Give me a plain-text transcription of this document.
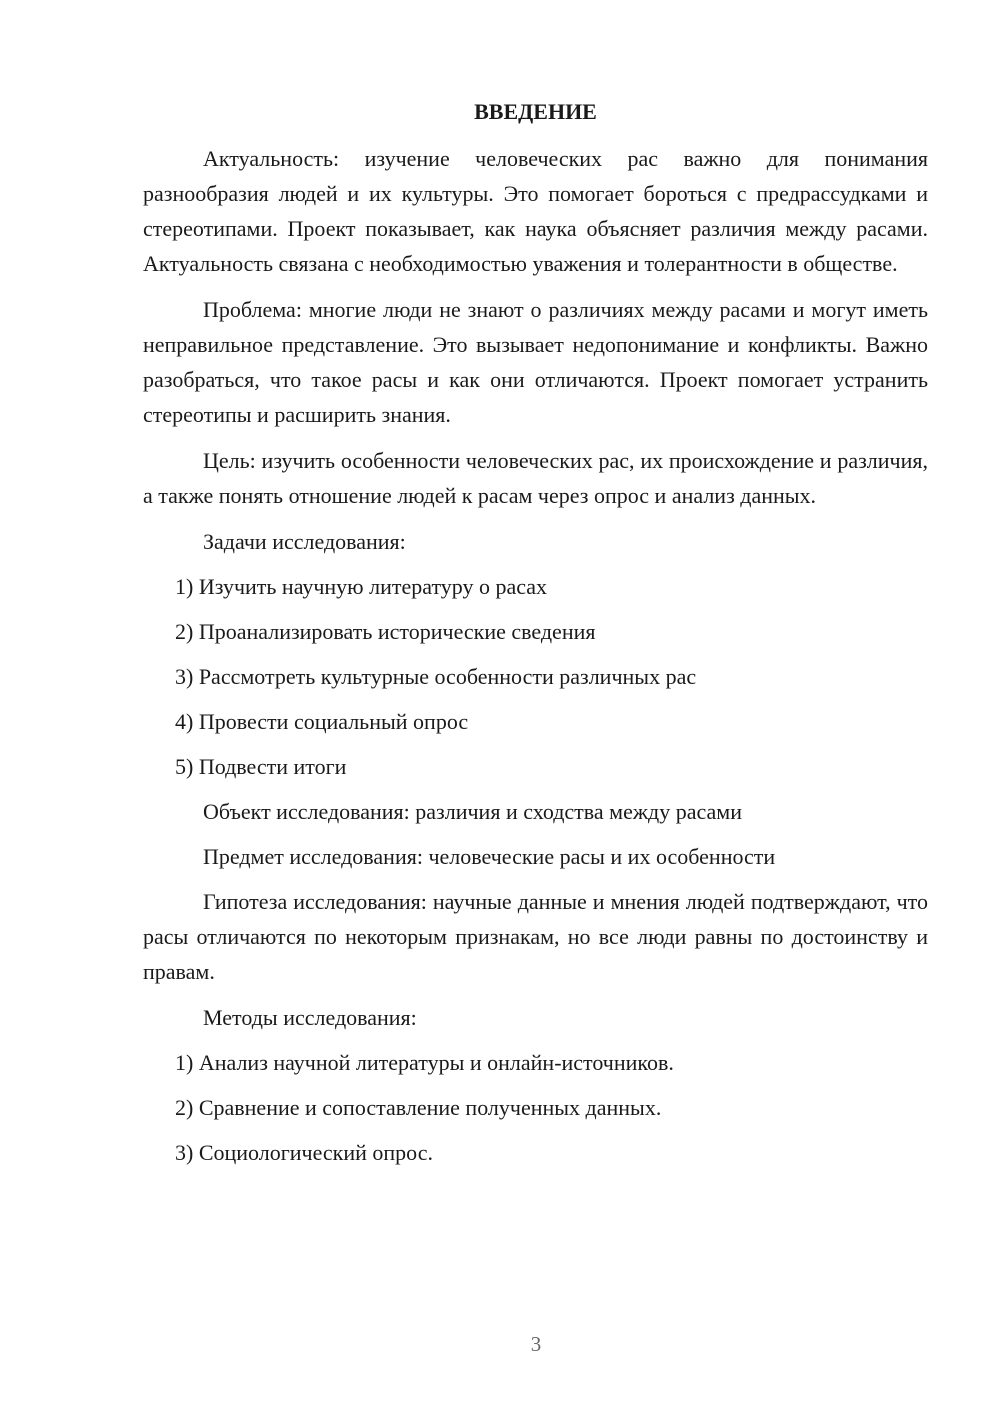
ВВЕДЕНИЕ

Актуальность: изучение человеческих рас важно для понимания разнообразия людей и их культуры. Это помогает бороться с предрассудками и стереотипами. Проект показывает, как наука объясняет различия между расами. Актуальность связана с необходимостью уважения и толерантности в обществе.

Проблема: многие люди не знают о различиях между расами и могут иметь неправильное представление. Это вызывает недопонимание и конфликты. Важно разобраться, что такое расы и как они отличаются. Проект помогает устранить стереотипы и расширить знания.

Цель: изучить особенности человеческих рас, их происхождение и различия, а также понять отношение людей к расам через опрос и анализ данных.

Задачи исследования:

1) Изучить научную литературу о расах

2) Проанализировать исторические сведения

3) Рассмотреть культурные особенности различных рас

4) Провести социальный опрос

5) Подвести итоги

Объект исследования: различия и сходства между расами

Предмет исследования: человеческие расы и их особенности

Гипотеза исследования: научные данные и мнения людей подтверждают, что расы отличаются по некоторым признакам, но все люди равны по достоинству и правам.

Методы исследования:

1) Анализ научной литературы и онлайн-источников.

2) Сравнение и сопоставление полученных данных.

3) Социологический опрос.

3
